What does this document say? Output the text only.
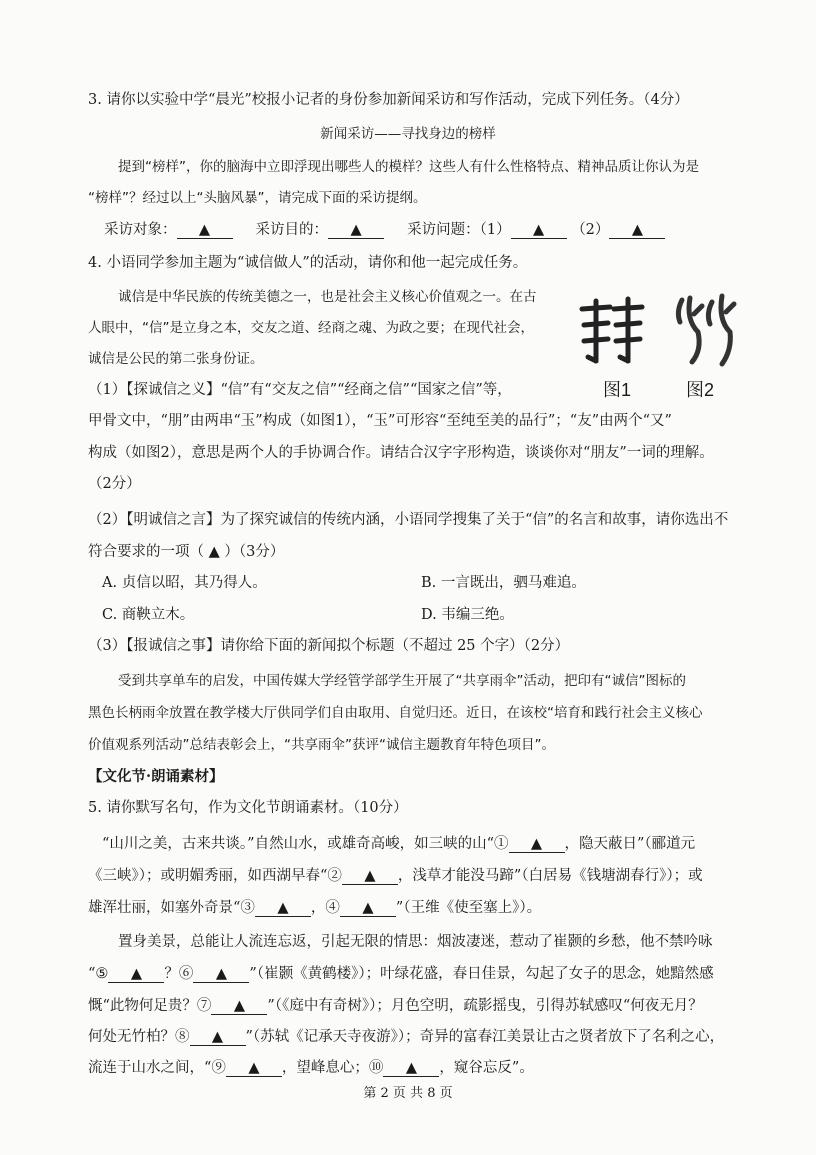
3. 请你以实验中学“晨光”校报小记者的身份参加新闻采访和写作活动，完成下列任务。（4分）
新闻采访——寻找身边的榜样
提到“榜样”，你的脑海中立即浮现出哪些人的模样？这些人有什么性格特点、精神品质让你认为是
“榜样”？经过以上“头脑风暴”，请完成下面的采访提纲。
采访对象： ▲	采访目的： ▲	采访问题：（1） ▲ （2） ▲
4. 小语同学参加主题为“诚信做人”的活动，请你和他一起完成任务。
诚信是中华民族的传统美德之一，也是社会主义核心价值观之一。在古
人眼中，“信”是立身之本，交友之道、经商之魂、为政之要；在现代社会，
诚信是公民的第二张身份证。
图1	图2
（1）【探诚信之义】“信”有“交友之信”“经商之信”“国家之信”等，
甲骨文中，“朋”由两串“玉”构成（如图1），“玉”可形容“至纯至美的品行”；“友”由两个“又”
构成（如图2），意思是两个人的手协调合作。请结合汉字字形构造，谈谈你对“朋友”一词的理解。
（2分）
（2）【明诚信之言】为了探究诚信的传统内涵，小语同学搜集了关于“信”的名言和故事，请你选出不
符合要求的一项（ ▲ ）（3分）
A. 贞信以昭，其乃得人。	B. 一言既出，驷马难追。
C. 商鞅立木。	D. 韦编三绝。
（3）【报诚信之事】请你给下面的新闻拟个标题（不超过 25 个字）（2分）
受到共享单车的启发，中国传媒大学经管学部学生开展了“共享雨伞”活动，把印有“诚信”图标的
黑色长柄雨伞放置在教学楼大厅供同学们自由取用、自觉归还。近日，在该校“培育和践行社会主义核心
价值观系列活动”总结表彰会上，“共享雨伞”获评“诚信主题教育年特色项目”。
【文化节·朗诵素材】
5. 请你默写名句，作为文化节朗诵素材。（10分）
“山川之美，古来共谈。”自然山水，或雄奇高峻，如三峡的山“① ▲ ，隐天蔽日”（郦道元
《三峡》）；或明媚秀丽，如西湖早春“② ▲ ，浅草才能没马蹄”（白居易《钱塘湖春行》）；或
雄浑壮丽，如塞外奇景“③ ▲ ，④ ▲ ”（王维《使至塞上》）。
置身美景，总能让人流连忘返，引起无限的情思：烟波凄迷，惹动了崔颢的乡愁，他不禁吟咏
“⑤ ▲ ？⑥ ▲ ”（崔颢《黄鹤楼》）；叶绿花盛，春日佳景，勾起了女子的思念，她黯然感
慨“此物何足贵？⑦ ▲ ”（《庭中有奇树》）；月色空明，疏影摇曳，引得苏轼感叹“何夜无月？
何处无竹柏？⑧ ▲ ”（苏轼《记承天寺夜游》）；奇异的富春江美景让古之贤者放下了名利之心，
流连于山水之间，“⑨ ▲ ，望峰息心；⑩ ▲ ，窥谷忘反”。
第 2 页 共 8 页
